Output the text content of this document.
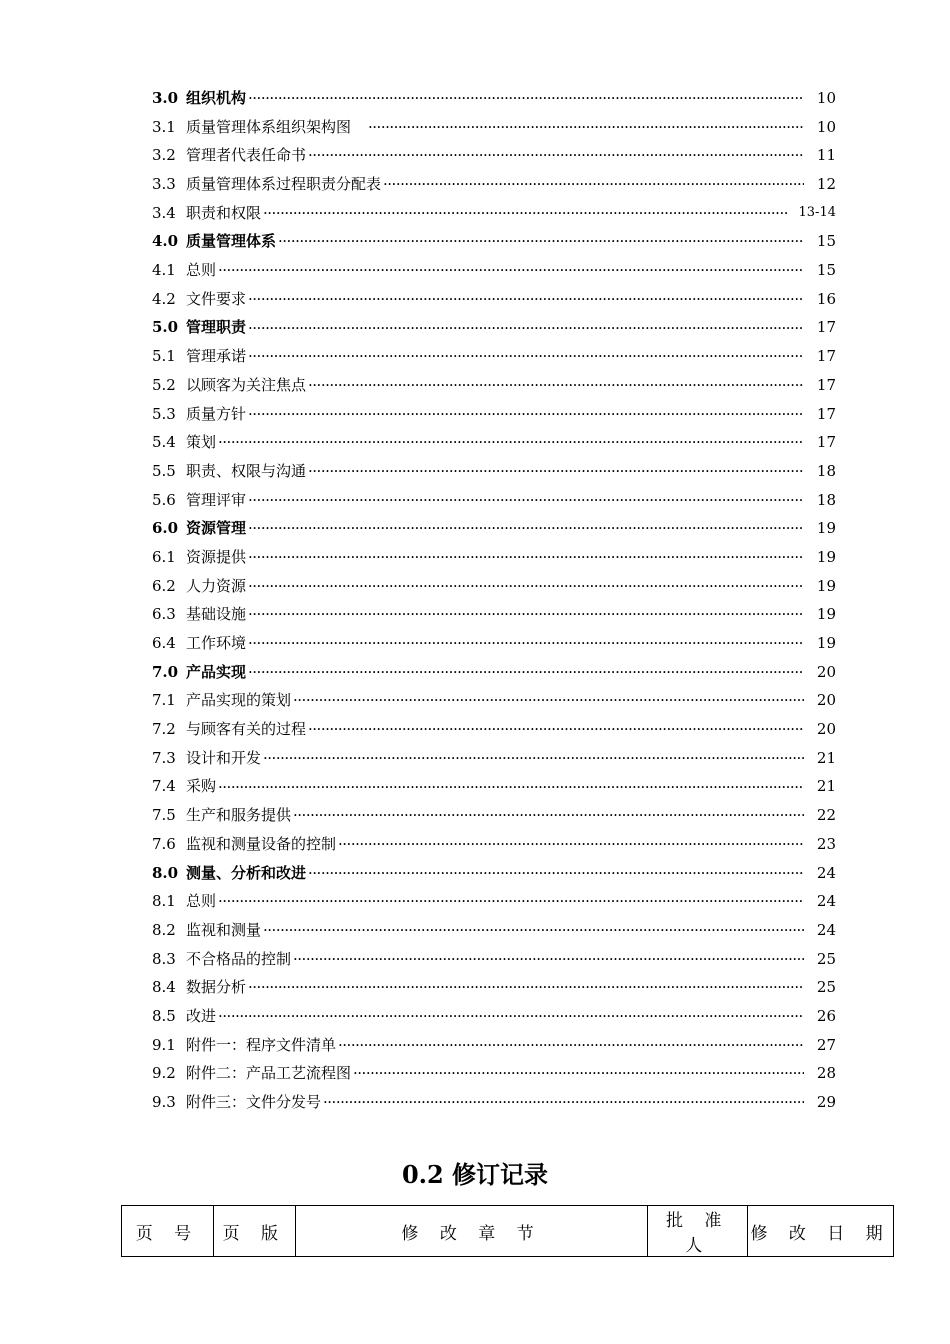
3.0 组织机构 ·····	10
3.1 质量管理体系组织架构图　 ·····	10
3.2 管理者代表任命书 ·····	11
3.3 质量管理体系过程职责分配表 ·····	12
3.4 职责和权限 ·····	13-14
4.0 质量管理体系 ·····	15
4.1 总则 ·····	15
4.2 文件要求 ·····	16
5.0 管理职责 ·····	17
5.1 管理承诺 ·····	17
5.2 以顾客为关注焦点 ·····	17
5.3 质量方针 ·····	17
5.4 策划 ·····	17
5.5 职责、权限与沟通 ·····	18
5.6 管理评审 ·····	18
6.0 资源管理 ·····	19
6.1 资源提供 ·····	19
6.2 人力资源 ·····	19
6.3 基础设施 ·····	19
6.4 工作环境 ·····	19
7.0 产品实现 ·····	20
7.1 产品实现的策划 ·····	20
7.2 与顾客有关的过程 ·····	20
7.3 设计和开发 ·····	21
7.4 采购 ·····	21
7.5 生产和服务提供 ·····	22
7.6 监视和测量设备的控制 ·····	23
8.0 测量、分析和改进 ·····	24
8.1 总则 ·····	24
8.2 监视和测量 ·····	24
8.3 不合格品的控制 ·····	25
8.4 数据分析 ·····	25
8.5 改进 ·····	26
9.1 附件一：程序文件清单 ·····	27
9.2 附件二：产品工艺流程图 ·····	28
9.3 附件三：文件分发号 ·····	29
0.2 修订记录
页 号	页 版	修 改 章 节	批 准 人	修 改 日 期
